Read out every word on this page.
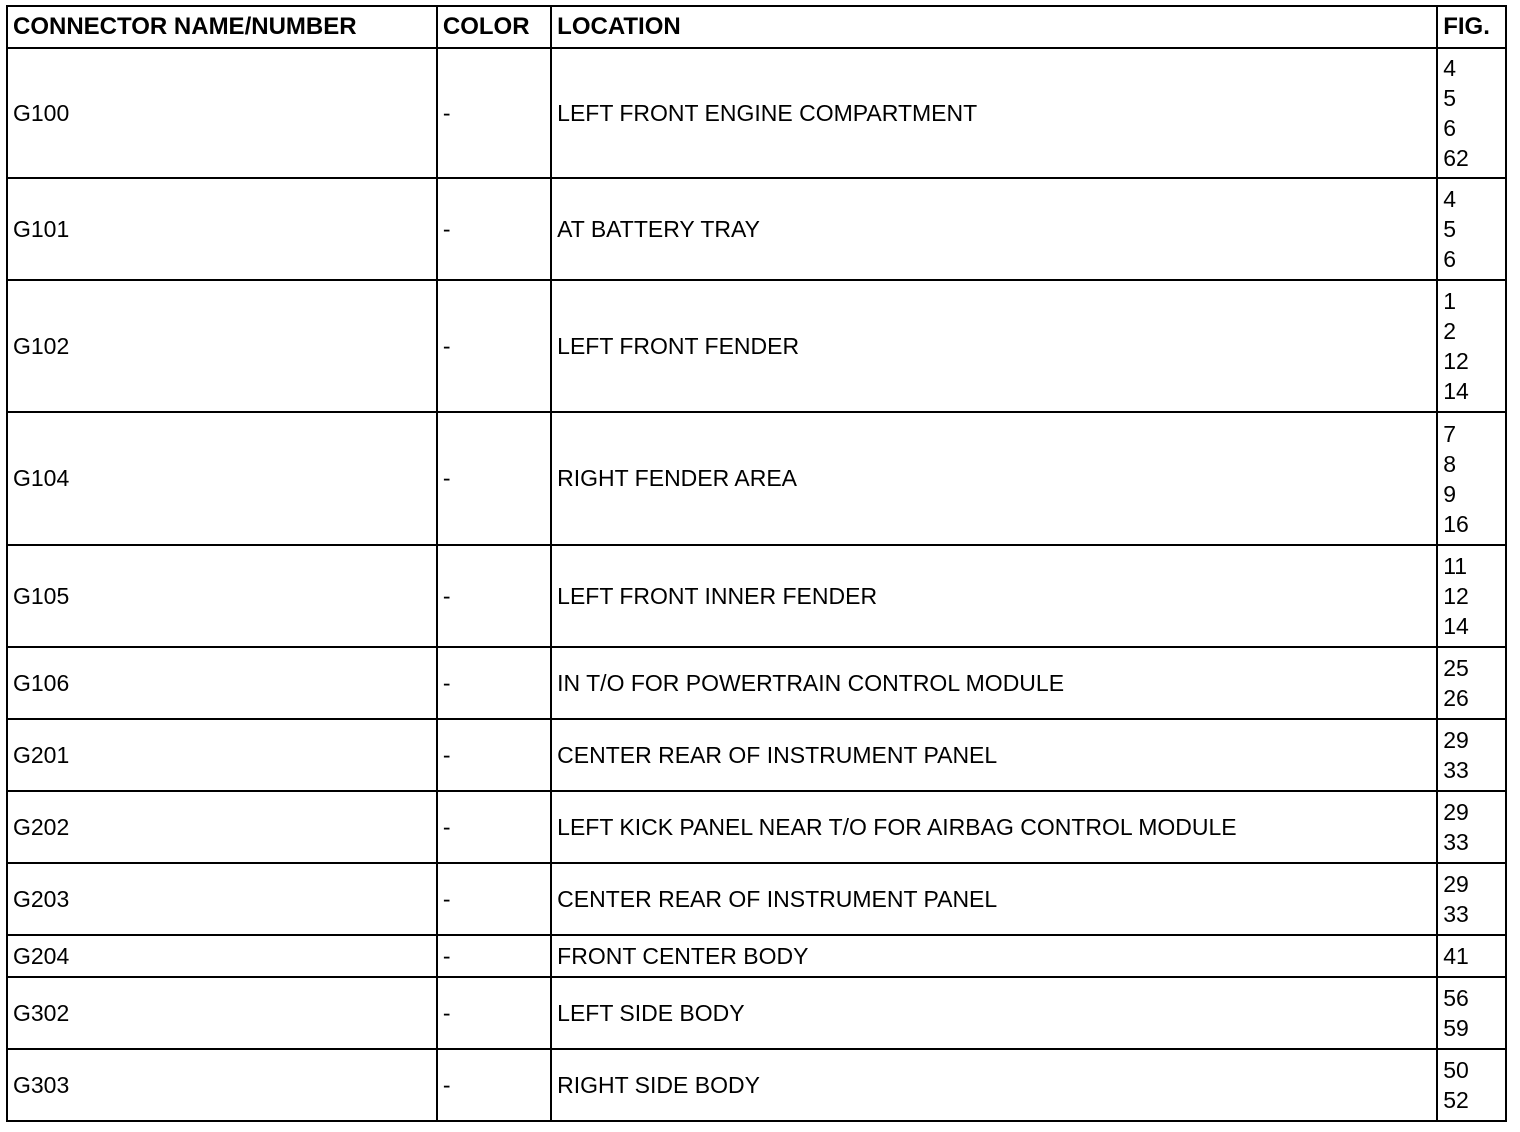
CONNECTOR NAME/NUMBER	COLOR	LOCATION	FIG.
G100	-	LEFT FRONT ENGINE COMPARTMENT	4
5
6
62

G101	-	AT BATTERY TRAY	4
5
6

G102	-	LEFT FRONT FENDER	1
2
12
14

G104	-	RIGHT FENDER AREA	7
8
9
16

G105	-	LEFT FRONT INNER FENDER	11
12
14

G106	-	IN T/O FOR POWERTRAIN CONTROL MODULE	25
26

G201	-	CENTER REAR OF INSTRUMENT PANEL	29
33

G202	-	LEFT KICK PANEL NEAR T/O FOR AIRBAG CONTROL MODULE	29
33

G203	-	CENTER REAR OF INSTRUMENT PANEL	29
33

G204	-	FRONT CENTER BODY	41

G302	-	LEFT SIDE BODY	56
59

G303	-	RIGHT SIDE BODY	50
52
